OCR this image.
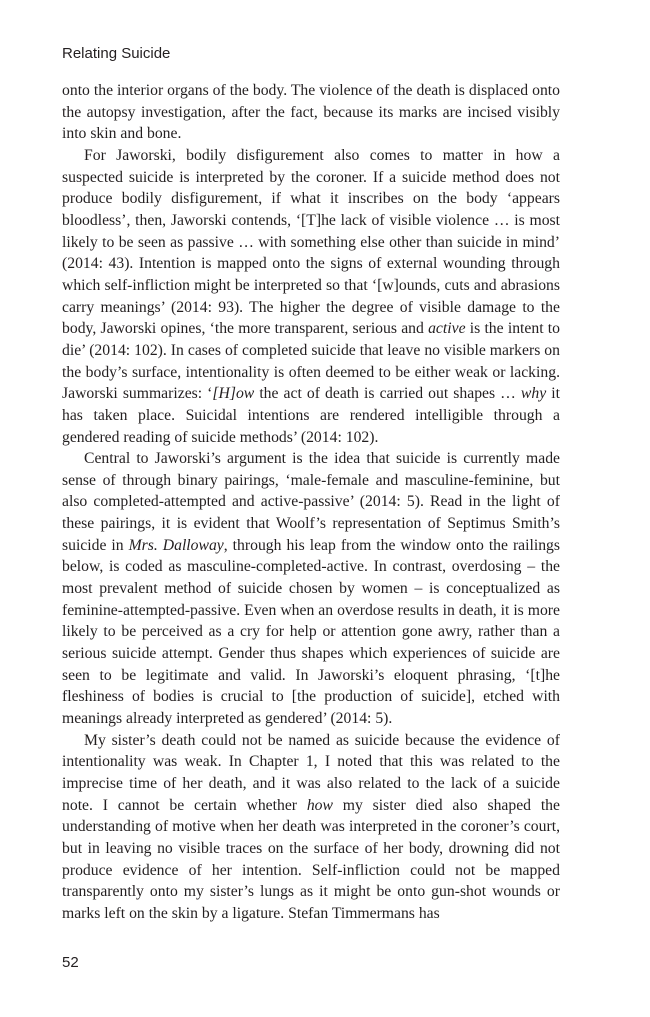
Relating Suicide

onto the interior organs of the body. The violence of the death is displaced onto the autopsy investigation, after the fact, because its marks are incised visibly into skin and bone.

For Jaworski, bodily disfigurement also comes to matter in how a suspected suicide is interpreted by the coroner. If a suicide method does not produce bodily disfigurement, if what it inscribes on the body ‘appears bloodless’, then, Jaworski contends, ‘[T]he lack of visible violence … is most likely to be seen as passive … with something else other than suicide in mind’ (2014: 43). Intention is mapped onto the signs of external wounding through which self-infliction might be interpreted so that ‘[w]ounds, cuts and abrasions carry meanings’ (2014: 93). The higher the degree of visible damage to the body, Jaworski opines, ‘the more transparent, serious and active is the intent to die’ (2014: 102). In cases of completed suicide that leave no visible markers on the body’s surface, intentionality is often deemed to be either weak or lacking. Jaworski summarizes: ‘[H]ow the act of death is carried out shapes … why it has taken place. Suicidal intentions are rendered intelligible through a gendered reading of suicide methods’ (2014: 102).

Central to Jaworski’s argument is the idea that suicide is currently made sense of through binary pairings, ‘male-female and masculine-feminine, but also completed-attempted and active-passive’ (2014: 5). Read in the light of these pairings, it is evident that Woolf’s representation of Septimus Smith’s suicide in Mrs. Dalloway, through his leap from the window onto the railings below, is coded as masculine-completed-active. In contrast, overdosing – the most prevalent method of suicide chosen by women – is conceptualized as feminine-attempted-passive. Even when an overdose results in death, it is more likely to be perceived as a cry for help or attention gone awry, rather than a serious suicide attempt. Gender thus shapes which experiences of suicide are seen to be legitimate and valid. In Jaworski’s eloquent phrasing, ‘[t]he fleshiness of bodies is crucial to [the production of suicide], etched with meanings already interpreted as gendered’ (2014: 5).

My sister’s death could not be named as suicide because the evidence of intentionality was weak. In Chapter 1, I noted that this was related to the imprecise time of her death, and it was also related to the lack of a suicide note. I cannot be certain whether how my sister died also shaped the understanding of motive when her death was interpreted in the coroner’s court, but in leaving no visible traces on the surface of her body, drowning did not produce evidence of her intention. Self-infliction could not be mapped transparently onto my sister’s lungs as it might be onto gun-shot wounds or marks left on the skin by a ligature. Stefan Timmermans has

52
